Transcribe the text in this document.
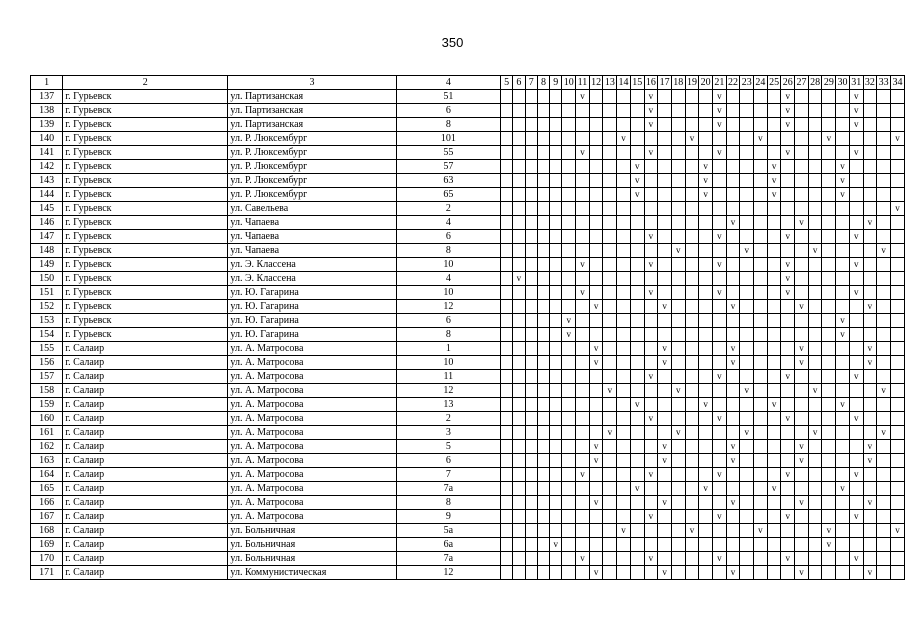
350
1	2	3	4	5	6	7	8	9	10	11	12	13	14	15	16	17	18	19	20	21	22	23	24	25	26	27	28	29	30	31	32	33	34
137	г. Гурьевск	ул. Партизанская	51							v					v					v					v					v			
138	г. Гурьевск	ул. Партизанская	6												v					v					v					v			
139	г. Гурьевск	ул. Партизанская	8												v					v					v					v			
140	г. Гурьевск	ул. Р. Люксембург	101										v					v					v					v					v
141	г. Гурьевск	ул. Р. Люксембург	55							v					v					v					v					v			
142	г. Гурьевск	ул. Р. Люксембург	57											v					v					v					v				
143	г. Гурьевск	ул. Р. Люксембург	63											v					v					v					v				
144	г. Гурьевск	ул. Р. Люксембург	65											v					v					v					v				
145	г. Гурьевск	ул. Савельева	2																														v
146	г. Гурьевск	ул. Чапаева	4																		v					v					v		
147	г. Гурьевск	ул. Чапаева	6												v					v					v					v			
148	г. Гурьевск	ул. Чапаева	8														v					v					v					v	
149	г. Гурьевск	ул. Э. Классена	10							v					v					v					v					v			
150	г. Гурьевск	ул. Э. Классена	4		v																				v								
151	г. Гурьевск	ул. Ю. Гагарина	10							v					v					v					v					v			
152	г. Гурьевск	ул. Ю. Гагарина	12								v					v					v					v					v		
153	г. Гурьевск	ул. Ю. Гагарина	6						v																				v				
154	г. Гурьевск	ул. Ю. Гагарина	8						v																				v				
155	г. Салаир	ул. А. Матросова	1								v					v					v					v					v		
156	г. Салаир	ул. А. Матросова	10								v					v					v					v					v		
157	г. Салаир	ул. А. Матросова	11												v					v					v					v			
158	г. Салаир	ул. А. Матросова	12									v					v					v					v					v	
159	г. Салаир	ул. А. Матросова	13											v					v					v					v				
160	г. Салаир	ул. А. Матросова	2												v					v					v					v			
161	г. Салаир	ул. А. Матросова	3									v					v					v					v					v	
162	г. Салаир	ул. А. Матросова	5								v					v					v					v					v		
163	г. Салаир	ул. А. Матросова	6								v					v					v					v					v		
164	г. Салаир	ул. А. Матросова	7							v					v					v					v					v			
165	г. Салаир	ул. А. Матросова	7а											v					v					v					v				
166	г. Салаир	ул. А. Матросова	8								v					v					v					v					v		
167	г. Салаир	ул. А. Матросова	9												v					v					v					v			
168	г. Салаир	ул. Больничная	5а										v					v					v					v					v
169	г. Салаир	ул. Больничная	6а					v																				v					
170	г. Салаир	ул. Больничная	7а							v					v					v					v					v			
171	г. Салаир	ул. Коммунистическая	12								v					v					v					v					v		
